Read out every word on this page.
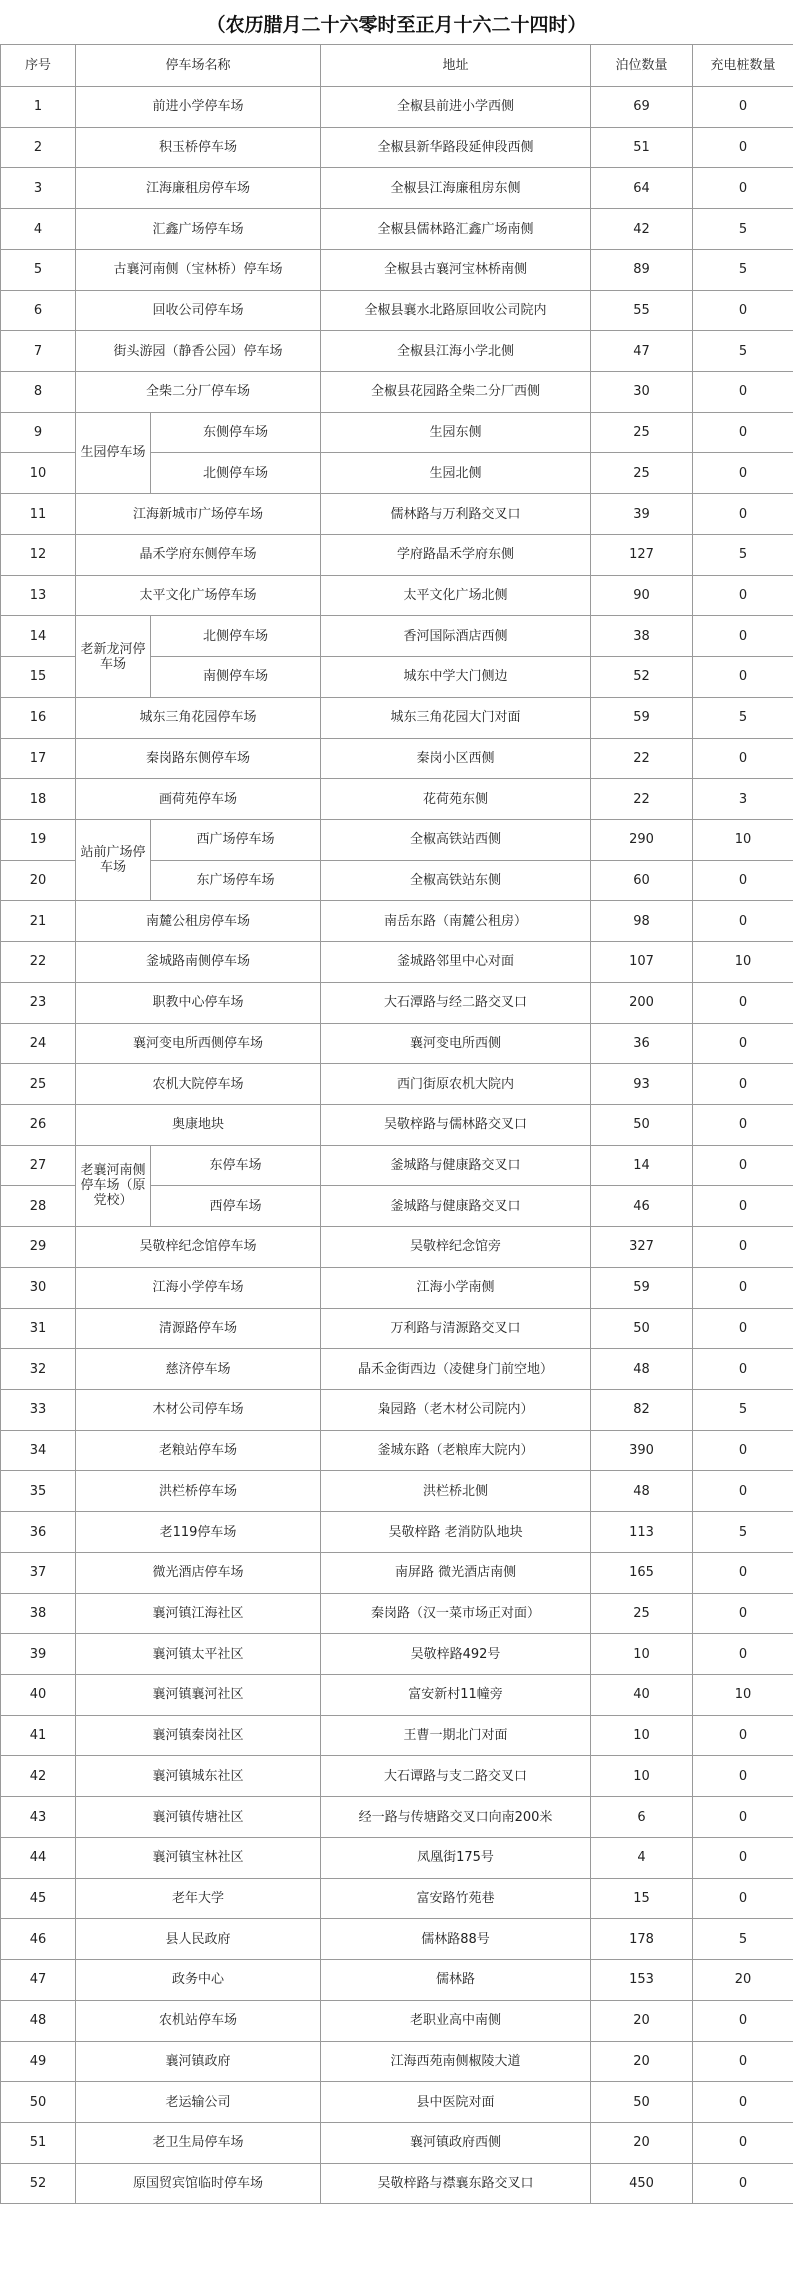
（农历腊月二十六零时至正月十六二十四时）
序号	停车场名称		地址	泊位数量	充电桩数量
1	前进小学停车场		全椒县前进小学西侧	69	0
2	积玉桥停车场		全椒县新华路段延伸段西侧	51	0
3	江海廉租房停车场		全椒县江海廉租房东侧	64	0
4	汇鑫广场停车场		全椒县儒林路汇鑫广场南侧	42	5
5	古襄河南侧（宝林桥）停车场		全椒县古襄河宝林桥南侧	89	5
6	回收公司停车场		全椒县襄水北路原回收公司院内	55	0
7	街头游园（静香公园）停车场		全椒县江海小学北侧	47	5
8	全柴二分厂停车场		全椒县花园路全柴二分厂西侧	30	0
9	生园停车场	东侧停车场	生园东侧	25	0
10		北侧停车场	生园北侧	25	0
11	江海新城市广场停车场		儒林路与万利路交叉口	39	0
12	晶禾学府东侧停车场		学府路晶禾学府东侧	127	5
13	太平文化广场停车场		太平文化广场北侧	90	0
14	老新龙河停车场	北侧停车场	香河国际酒店西侧	38	0
15		南侧停车场	城东中学大门侧边	52	0
16	城东三角花园停车场		城东三角花园大门对面	59	5
17	秦岗路东侧停车场		秦岗小区西侧	22	0
18	画荷苑停车场		花荷苑东侧	22	3
19	站前广场停车场	西广场停车场	全椒高铁站西侧	290	10
20		东广场停车场	全椒高铁站东侧	60	0
21	南麓公租房停车场		南岳东路（南麓公租房）	98	0
22	釜城路南侧停车场		釜城路邻里中心对面	107	10
23	职教中心停车场		大石潭路与经二路交叉口	200	0
24	襄河变电所西侧停车场		襄河变电所西侧	36	0
25	农机大院停车场		西门街原农机大院内	93	0
26	奥康地块		吴敬梓路与儒林路交叉口	50	0
27	老襄河南侧停车场（原党校）	东停车场	釜城路与健康路交叉口	14	0
28		西停车场	釜城路与健康路交叉口	46	0
29	吴敬梓纪念馆停车场		吴敬梓纪念馆旁	327	0
30	江海小学停车场		江海小学南侧	59	0
31	清源路停车场		万利路与清源路交叉口	50	0
32	慈济停车场		晶禾金街西边（凌健身门前空地）	48	0
33	木材公司停车场		枭园路（老木材公司院内）	82	5
34	老粮站停车场		釜城东路（老粮库大院内）	390	0
35	洪栏桥停车场		洪栏桥北侧	48	0
36	老119停车场		吴敬梓路 老消防队地块	113	5
37	微光酒店停车场		南屏路 微光酒店南侧	165	0
38	襄河镇江海社区		秦岗路（汉一菜市场正对面）	25	0
39	襄河镇太平社区		吴敬梓路492号	10	0
40	襄河镇襄河社区		富安新村11幢旁	40	10
41	襄河镇秦岗社区		王曹一期北门对面	10	0
42	襄河镇城东社区		大石谭路与支二路交叉口	10	0
43	襄河镇传塘社区		经一路与传塘路交叉口向南200米	6	0
44	襄河镇宝林社区		凤凰街175号	4	0
45	老年大学		富安路竹苑巷	15	0
46	县人民政府		儒林路88号	178	5
47	政务中心		儒林路	153	20
48	农机站停车场		老职业高中南侧	20	0
49	襄河镇政府		江海西苑南侧椒陵大道	20	0
50	老运输公司		县中医院对面	50	0
51	老卫生局停车场		襄河镇政府西侧	20	0
52	原国贸宾馆临时停车场		吴敬梓路与襟襄东路交叉口	450	0
